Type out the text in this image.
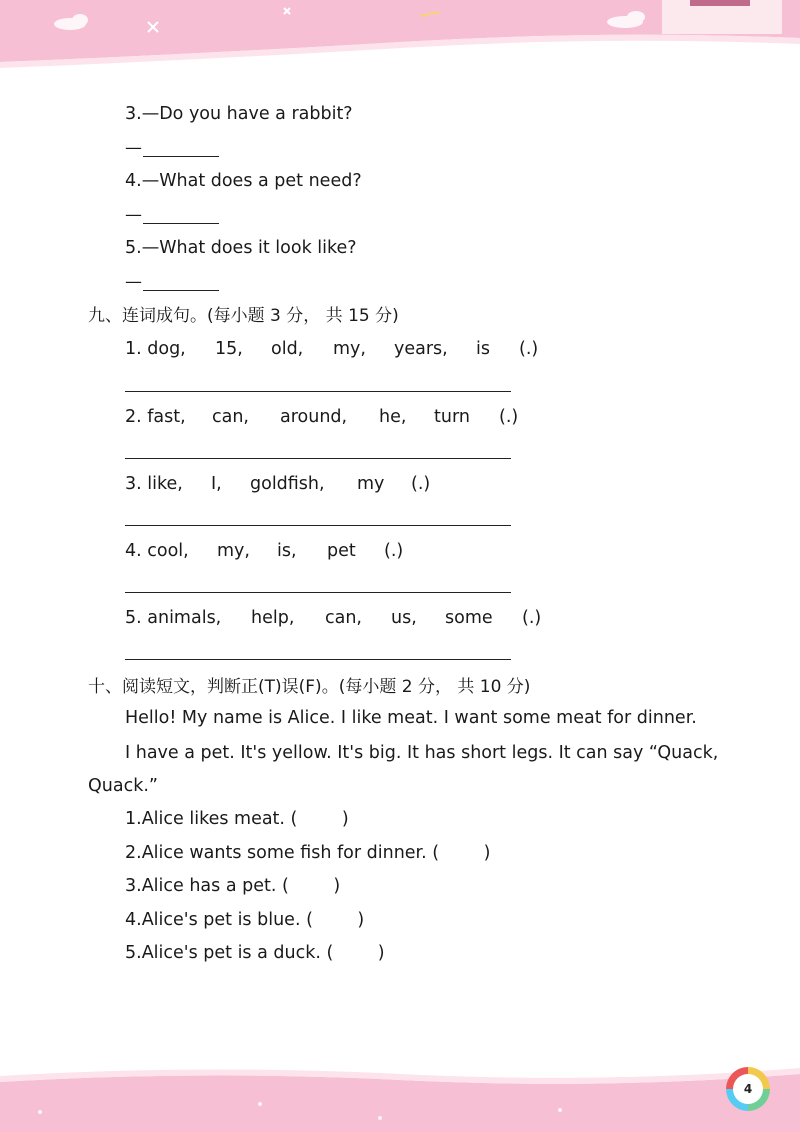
3.—Do you have a rabbit?
—
4.—What does a pet need?
—
5.—What does it look like?
—
九、连词成句。(每小题 3 分， 共 15 分)
1. dog, 15, old, my, years, is (.)
2. fast, can, around, he, turn (.)
3. like, I, goldfish, my (.)
4. cool, my, is, pet (.)
5. animals, help, can, us, some (.)
十、阅读短文，判断正(T)误(F)。(每小题 2 分， 共 10 分)
Hello! My name is Alice. I like meat. I want some meat for dinner.
I have a pet. It's yellow. It's big. It has short legs. It can say “Quack,
Quack.”
1.Alice likes meat. (        )
2.Alice wants some fish for dinner. (        )
3.Alice has a pet. (        )
4.Alice's pet is blue. (        )
5.Alice's pet is a duck. (        )
4
